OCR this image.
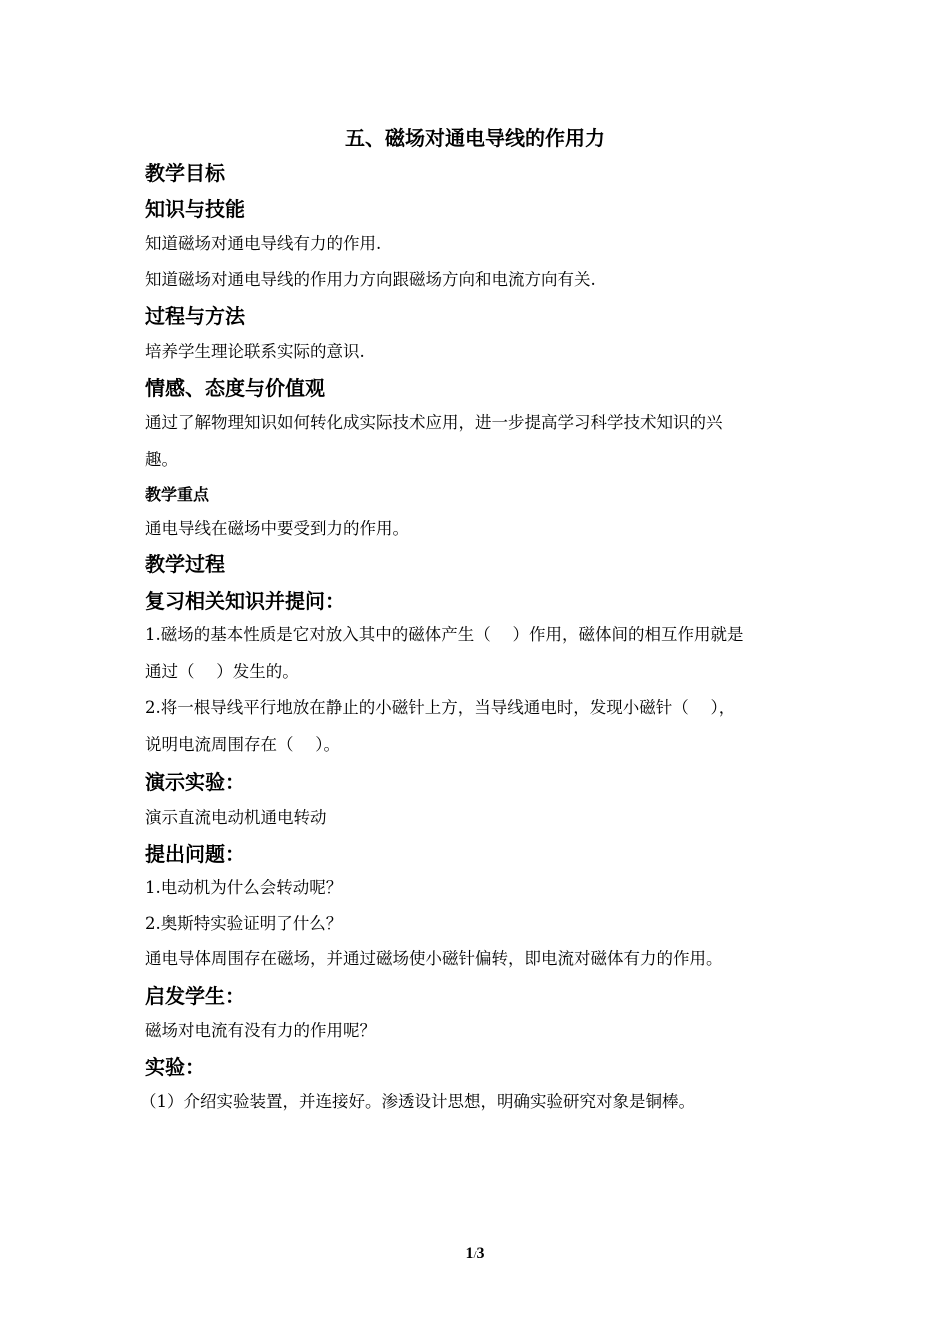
五、磁场对通电导线的作用力
教学目标
知识与技能
知道磁场对通电导线有力的作用.
知道磁场对通电导线的作用力方向跟磁场方向和电流方向有关.
过程与方法
培养学生理论联系实际的意识.
情感、态度与价值观
通过了解物理知识如何转化成实际技术应用，进一步提高学习科学技术知识的兴
趣。
教学重点
通电导线在磁场中要受到力的作用。
教学过程
复习相关知识并提问：
1.磁场的基本性质是它对放入其中的磁体产生（　 ）作用，磁体间的相互作用就是
通过（　 ）发生的。
2.将一根导线平行地放在静止的小磁针上方，当导线通电时，发现小磁针（　 ），
说明电流周围存在（　 ）。
演示实验：
演示直流电动机通电转动
提出问题：
1.电动机为什么会转动呢？
2.奥斯特实验证明了什么？
通电导体周围存在磁场，并通过磁场使小磁针偏转，即电流对磁体有力的作用。
启发学生：
磁场对电流有没有力的作用呢？
实验：
（1）介绍实验装置，并连接好。渗透设计思想，明确实验研究对象是铜棒。
1/3
